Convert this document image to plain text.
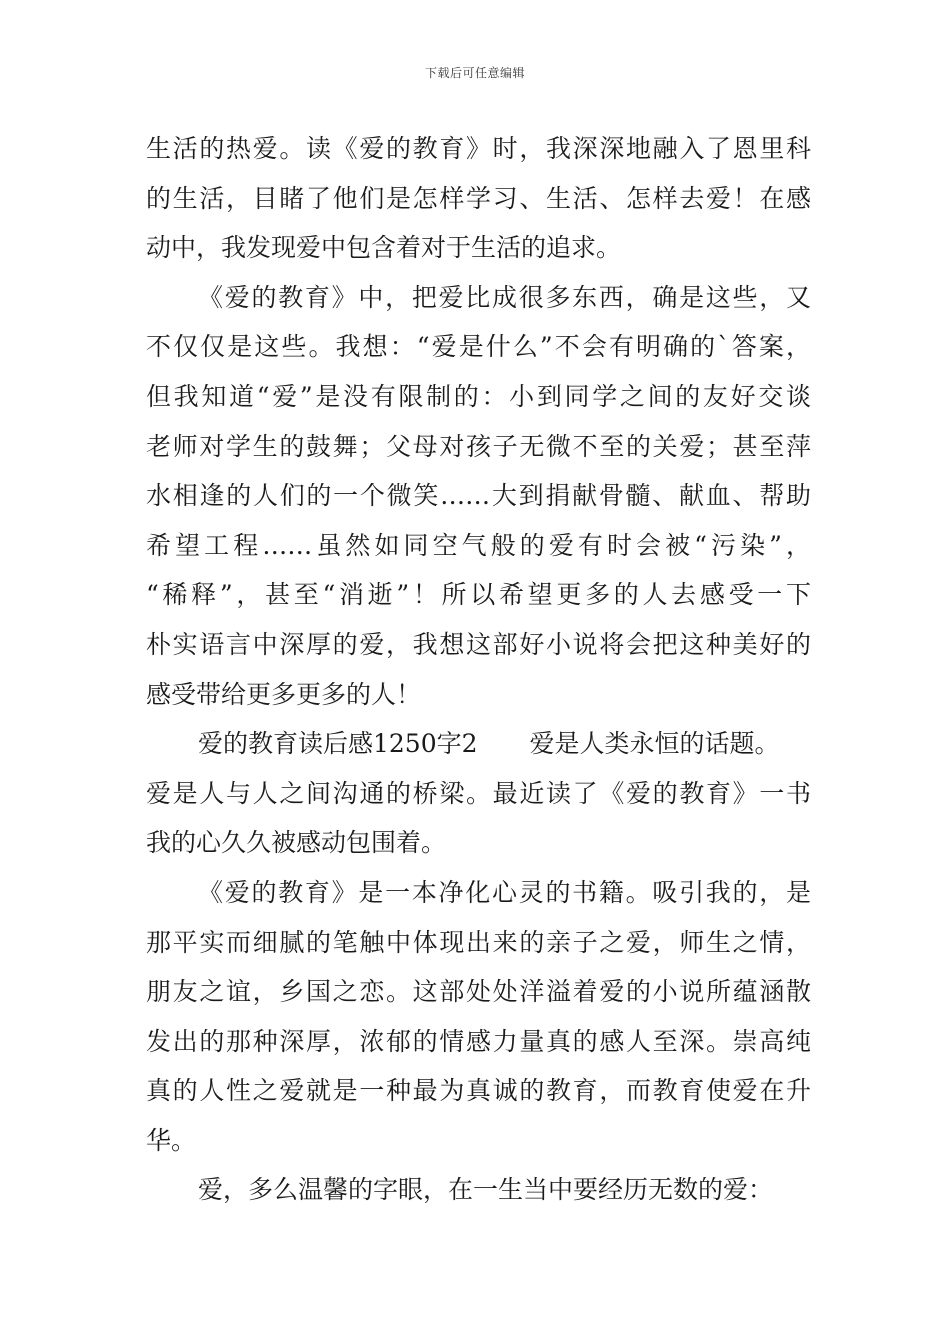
下载后可任意编辑
生活的热爱。读《爱的教育》时，我深深地融入了恩里科
的生活，目睹了他们是怎样学习、生活、怎样去爱！在感
动中，我发现爱中包含着对于生活的追求。
《爱的教育》中，把爱比成很多东西，确是这些，又
不仅仅是这些。我想：“爱是什么”不会有明确的`答案，
但我知道“爱”是没有限制的：小到同学之间的友好交谈
老师对学生的鼓舞；父母对孩子无微不至的关爱；甚至萍
水相逢的人们的一个微笑……大到捐献骨髓、献血、帮助
希望工程……虽然如同空气般的爱有时会被“污染”，
“稀释”，甚至“消逝”！所以希望更多的人去感受一下
朴实语言中深厚的爱，我想这部好小说将会把这种美好的
感受带给更多更多的人！
爱的教育读后感1250字2 爱是人类永恒的话题。
爱是人与人之间沟通的桥梁。最近读了《爱的教育》一书
我的心久久被感动包围着。
《爱的教育》是一本净化心灵的书籍。吸引我的，是
那平实而细腻的笔触中体现出来的亲子之爱，师生之情，
朋友之谊，乡国之恋。这部处处洋溢着爱的小说所蕴涵散
发出的那种深厚，浓郁的情感力量真的感人至深。崇高纯
真的人性之爱就是一种最为真诚的教育，而教育使爱在升
华。
爱，多么温馨的字眼，在一生当中要经历无数的爱：
